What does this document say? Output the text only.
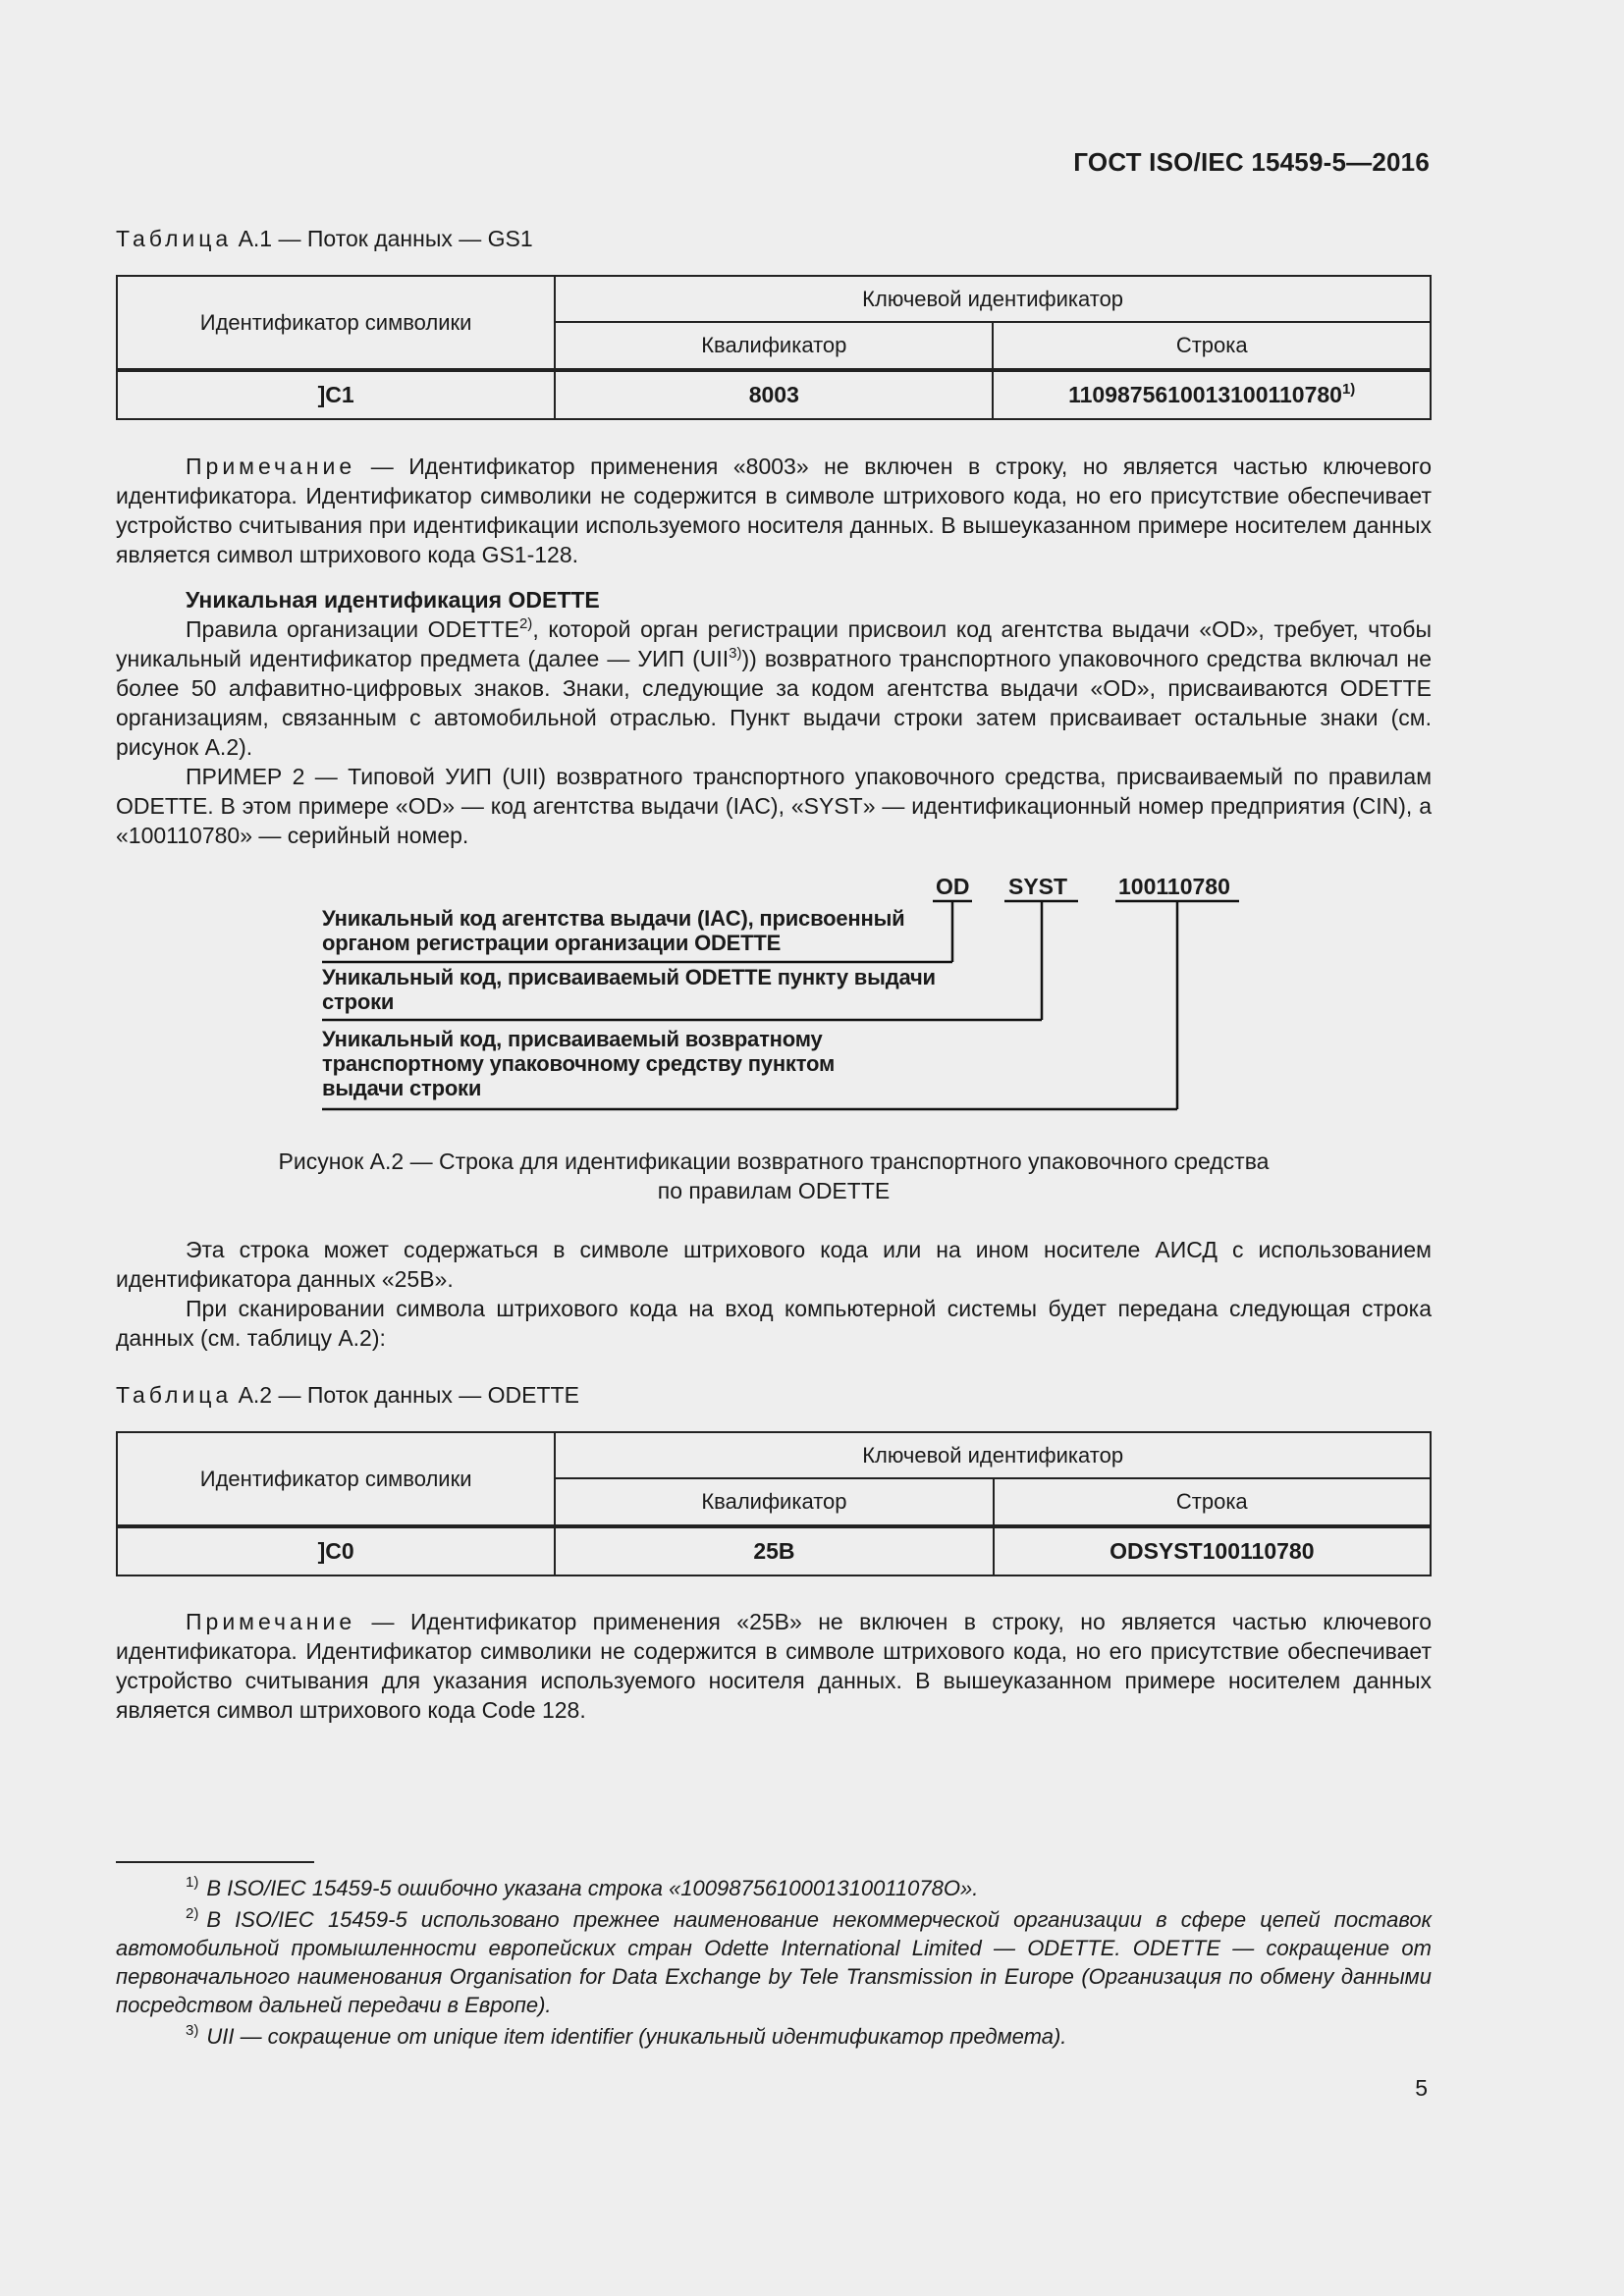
ГОСТ ISO/IEC 15459-5—2016
Таблица А.1 — Поток данных — GS1
Идентификатор символики	Ключевой идентификатор	
	Квалификатор	Строка
]C1	8003	1109875610013100110780$^{1)}$

Примечание — Идентификатор применения «8003» не включен в строку, но является частью ключевого идентификатора. Идентификатор символики не содержится в символе штрихового кода, но его присутствие обеспечивает устройство считывания при идентификации используемого носителя данных. В вышеуказанном примере носителем данных является символ штрихового кода GS1-128.

Уникальная идентификация ODETTE

Правила организации ODETTE$^{2)}$, которой орган регистрации присвоил код агентства выдачи «OD», требует, чтобы уникальный идентификатор предмета (далее — УИП (UII$^{3)}$)) возвратного транспортного упаковочного средства включал не более 50 алфавитно-цифровых знаков. Знаки, следующие за кодом агентства выдачи «OD», присваиваются ODETTE организациям, связанным с автомобильной отраслью. Пункт выдачи строки затем присваивает остальные знаки (см. рисунок А.2).

ПРИМЕР 2 — Типовой УИП (UII) возвратного транспортного упаковочного средства, присваиваемый по правилам ODETTE. В этом примере «OD» — код агентства выдачи (IAC), «SYST» — идентификационный номер предприятия (CIN), а «100110780» — серийный номер.

OD SYST 100110780
Уникальный код агентства выдачи (IAC), присвоенный
органом регистрации организации ODETTE
Уникальный код, присваиваемый ODETTE пункту выдачи
строки
Уникальный код, присваиваемый возвратному
транспортному упаковочному средству пунктом
выдачи строки
Рисунок А.2 — Строка для идентификации возвратного транспортного упаковочного средства
по правилам ODETTE

Эта строка может содержаться в символе штрихового кода или на ином носителе АИСД с использованием идентификатора данных «25B».

При сканировании символа штрихового кода на вход компьютерной системы будет передана следующая строка данных (см. таблицу А.2):

Таблица А.2 — Поток данных — ODETTE
Идентификатор символики	Ключевой идентификатор	
	Квалификатор	Строка
]C0	25B	ODSYST100110780

Примечание — Идентификатор применения «25B» не включен в строку, но является частью ключевого идентификатора. Идентификатор символики не содержится в символе штрихового кода, но его присутствие обеспечивает устройство считывания для указания используемого носителя данных. В вышеуказанном примере носителем данных является символ штрихового кода Code 128.

$^{1)}$ В ISO/IEC 15459-5 ошибочно указана строка «1009875610001310011078О».

$^{2)}$ В ISO/IEC 15459-5 использовано прежнее наименование некоммерческой организации в сфере цепей поставок автомобильной промышленности европейских стран Odette International Limited — ODETTE. ODETTE — сокращение от первоначального наименования Organisation for Data Exchange by Tele Transmission in Europe (Организация по обмену данными посредством дальней передачи в Европе).

$^{3)}$ UII — сокращение от unique item identifier (уникальный идентификатор предмета).

5
